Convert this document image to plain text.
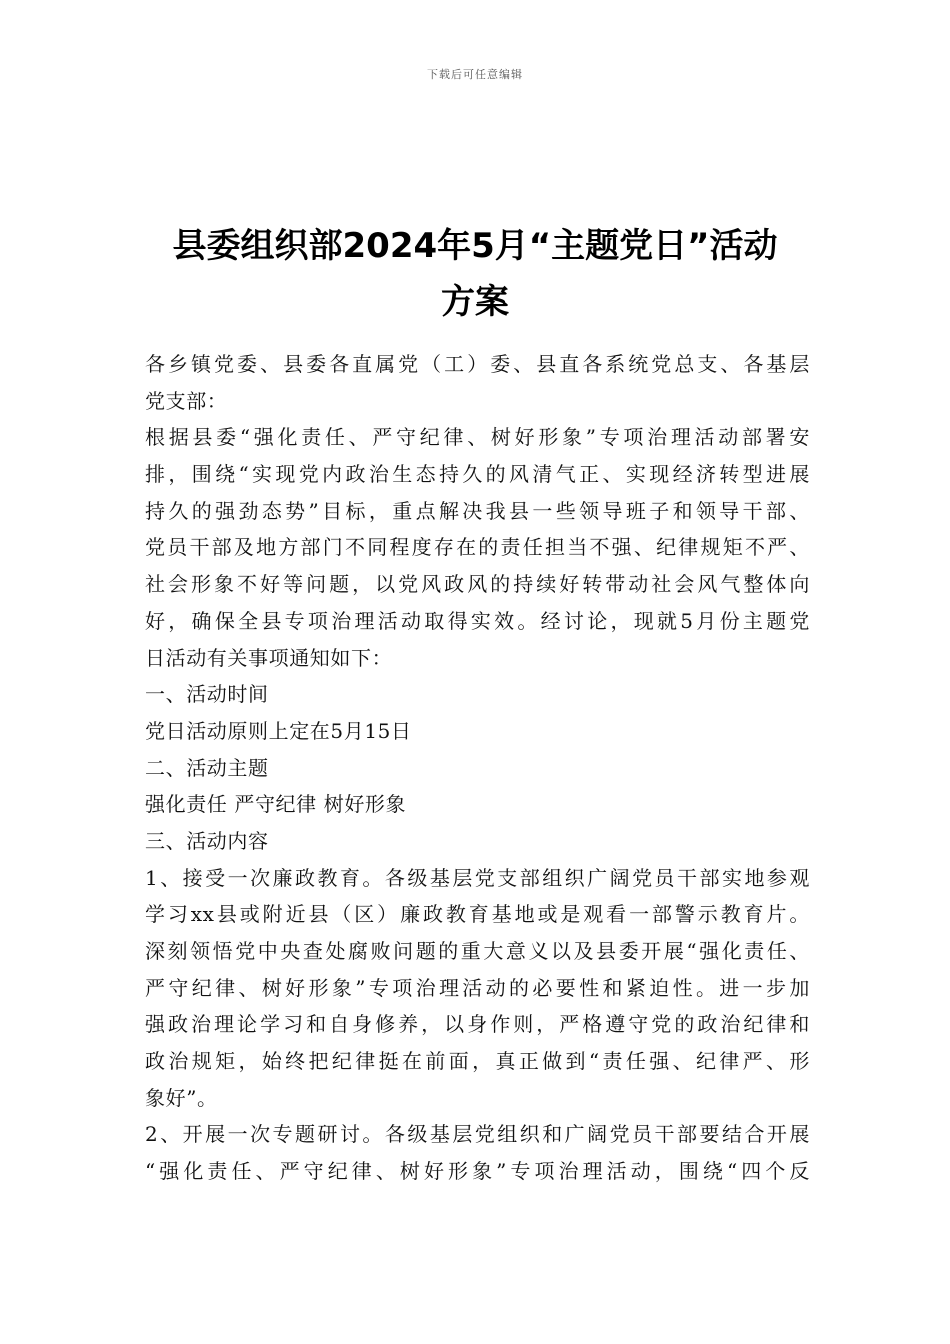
下载后可任意编辑
县委组织部2024年5月“主题党日”活动
方案
各乡镇党委、县委各直属党（工）委、县直各系统党总支、各基层
党支部：
根据县委“强化责任、严守纪律、树好形象”专项治理活动部署安
排，围绕“实现党内政治生态持久的风清气正、实现经济转型进展
持久的强劲态势”目标，重点解决我县一些领导班子和领导干部、
党员干部及地方部门不同程度存在的责任担当不强、纪律规矩不严、
社会形象不好等问题，以党风政风的持续好转带动社会风气整体向
好，确保全县专项治理活动取得实效。经讨论，现就5月份主题党
日活动有关事项通知如下：
一、活动时间
党日活动原则上定在5月15日
二、活动主题
强化责任 严守纪律 树好形象
三、活动内容
1、接受一次廉政教育。各级基层党支部组织广阔党员干部实地参观
学习xx县或附近县（区）廉政教育基地或是观看一部警示教育片。
深刻领悟党中央查处腐败问题的重大意义以及县委开展“强化责任、
严守纪律、树好形象”专项治理活动的必要性和紧迫性。进一步加
强政治理论学习和自身修养，以身作则，严格遵守党的政治纪律和
政治规矩，始终把纪律挺在前面，真正做到“责任强、纪律严、形
象好”。
2、开展一次专题研讨。各级基层党组织和广阔党员干部要结合开展
“强化责任、严守纪律、树好形象”专项治理活动，围绕“四个反
